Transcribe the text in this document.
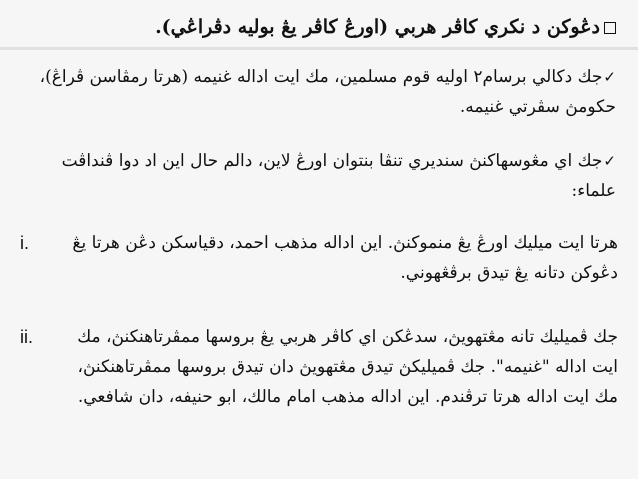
دڠوکن د نکري کاڤر هربي (اورڠ کاڤر يڠ بوليه دڤراڠي).
✓جك دکالي برسام٢ اوليه قوم مسلمين، مك ايت اداله غنيمه (هرتا رمڤاسن ڤراڠ)،
حکومڽ سڤرتي غنيمه.
✓جك اي مڠوسهاکنڽ سنديري تنڤا بنتوان اورڠ لاين، دالم حال اين اد دوا ڤنداڤت
علماء:
i.	هرتا ايت ميليك اورڠ يڠ منموکنڽ. اين اداله مذهب احمد، دقياسکن دڠن هرتا يڠ
دڠوکن دتانه يڠ تيدق برڤڠهوني.
ii.	جك ڤميليك تانه مڠتهويڽ، سدڠکن اي کاڤر هربي يڠ بروسها ممڤرتاهنکنڽ، مك
ايت اداله "غنيمه". جك ڤميليکڽ تيدق مڠتهويڽ دان تيدق بروسها ممڤرتاهنکنڽ،
مك ايت اداله هرتا ترڤندم. اين اداله مذهب امام مالك، ابو حنيفه، دان شافعي.
